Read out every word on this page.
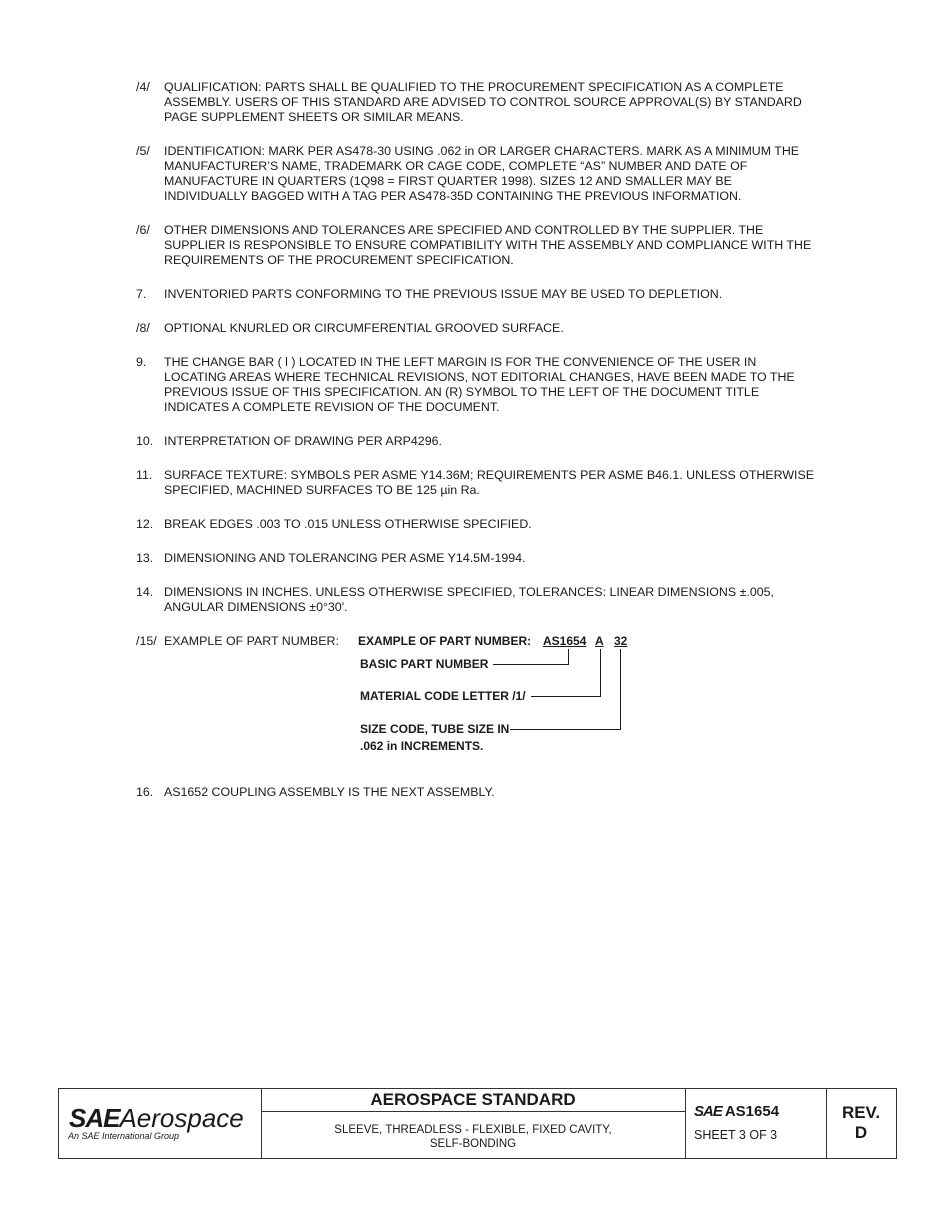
/4/	QUALIFICATION: PARTS SHALL BE QUALIFIED TO THE PROCUREMENT SPECIFICATION AS A COMPLETE
ASSEMBLY. USERS OF THIS STANDARD ARE ADVISED TO CONTROL SOURCE APPROVAL(S) BY STANDARD
PAGE SUPPLEMENT SHEETS OR SIMILAR MEANS.
/5/	IDENTIFICATION: MARK PER AS478-30 USING .062 in OR LARGER CHARACTERS. MARK AS A MINIMUM THE
MANUFACTURER’S NAME, TRADEMARK OR CAGE CODE, COMPLETE “AS” NUMBER AND DATE OF
MANUFACTURE IN QUARTERS (1Q98 = FIRST QUARTER 1998). SIZES 12 AND SMALLER MAY BE
INDIVIDUALLY BAGGED WITH A TAG PER AS478-35D CONTAINING THE PREVIOUS INFORMATION.
/6/	OTHER DIMENSIONS AND TOLERANCES ARE SPECIFIED AND CONTROLLED BY THE SUPPLIER. THE
SUPPLIER IS RESPONSIBLE TO ENSURE COMPATIBILITY WITH THE ASSEMBLY AND COMPLIANCE WITH THE
REQUIREMENTS OF THE PROCUREMENT SPECIFICATION.
7.	INVENTORIED PARTS CONFORMING TO THE PREVIOUS ISSUE MAY BE USED TO DEPLETION.
/8/	OPTIONAL KNURLED OR CIRCUMFERENTIAL GROOVED SURFACE.
9.	THE CHANGE BAR ( l ) LOCATED IN THE LEFT MARGIN IS FOR THE CONVENIENCE OF THE USER IN
LOCATING AREAS WHERE TECHNICAL REVISIONS, NOT EDITORIAL CHANGES, HAVE BEEN MADE TO THE
PREVIOUS ISSUE OF THIS SPECIFICATION. AN (R) SYMBOL TO THE LEFT OF THE DOCUMENT TITLE
INDICATES A COMPLETE REVISION OF THE DOCUMENT.
10. INTERPRETATION OF DRAWING PER ARP4296.
11. SURFACE TEXTURE: SYMBOLS PER ASME Y14.36M; REQUIREMENTS PER ASME B46.1. UNLESS OTHERWISE
SPECIFIED, MACHINED SURFACES TO BE 125 µin Ra.
12. BREAK EDGES .003 TO .015 UNLESS OTHERWISE SPECIFIED.
13. DIMENSIONING AND TOLERANCING PER ASME Y14.5M-1994.
14. DIMENSIONS IN INCHES. UNLESS OTHERWISE SPECIFIED, TOLERANCES: LINEAR DIMENSIONS ±.005,
ANGULAR DIMENSIONS ±0°30'.
/15/ EXAMPLE OF PART NUMBER:	EXAMPLE OF PART NUMBER: AS1654 A 32
BASIC PART NUMBER
MATERIAL CODE LETTER /1/
SIZE CODE, TUBE SIZE IN
.062 in INCREMENTS.
16. AS1652 COUPLING ASSEMBLY IS THE NEXT ASSEMBLY.
SAEAerospace
An SAE International Group
AEROSPACE STANDARD
SLEEVE, THREADLESS - FLEXIBLE, FIXED CAVITY,
SELF-BONDING
SAE AS1654
SHEET 3 OF 3
REV.
D
